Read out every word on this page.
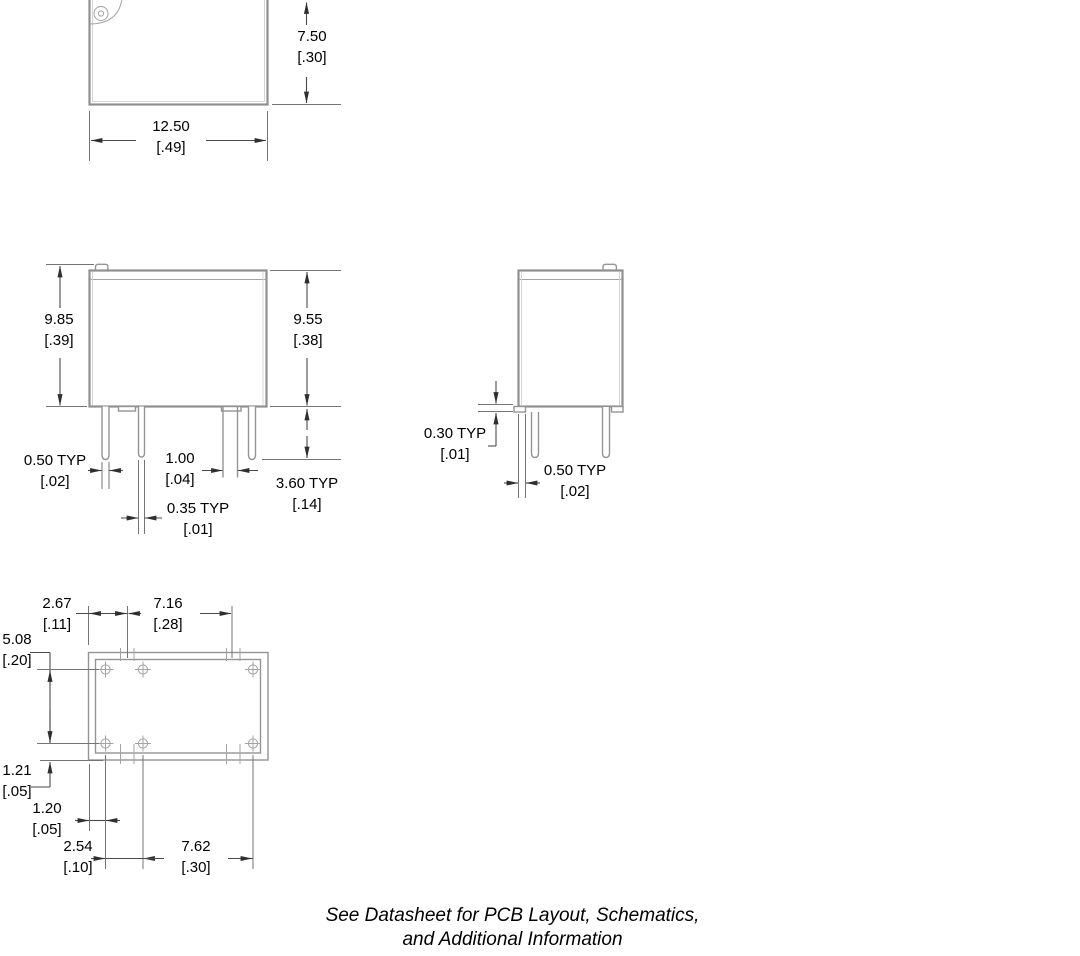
7.50
[.30]
12.50
[.49]
9.85
[.39]
9.55
[.38]
0.50 TYP
[.02]
1.00
[.04]
0.35 TYP
[.01]
3.60 TYP
[.14]
0.30 TYP
[.01]
0.50 TYP
[.02]
2.67
[.11]
7.16
[.28]
5.08
[.20]
1.21
[.05]
1.20
[.05]
2.54
[.10]
7.62
[.30]
See Datasheet for PCB Layout, Schematics,
and Additional Information
